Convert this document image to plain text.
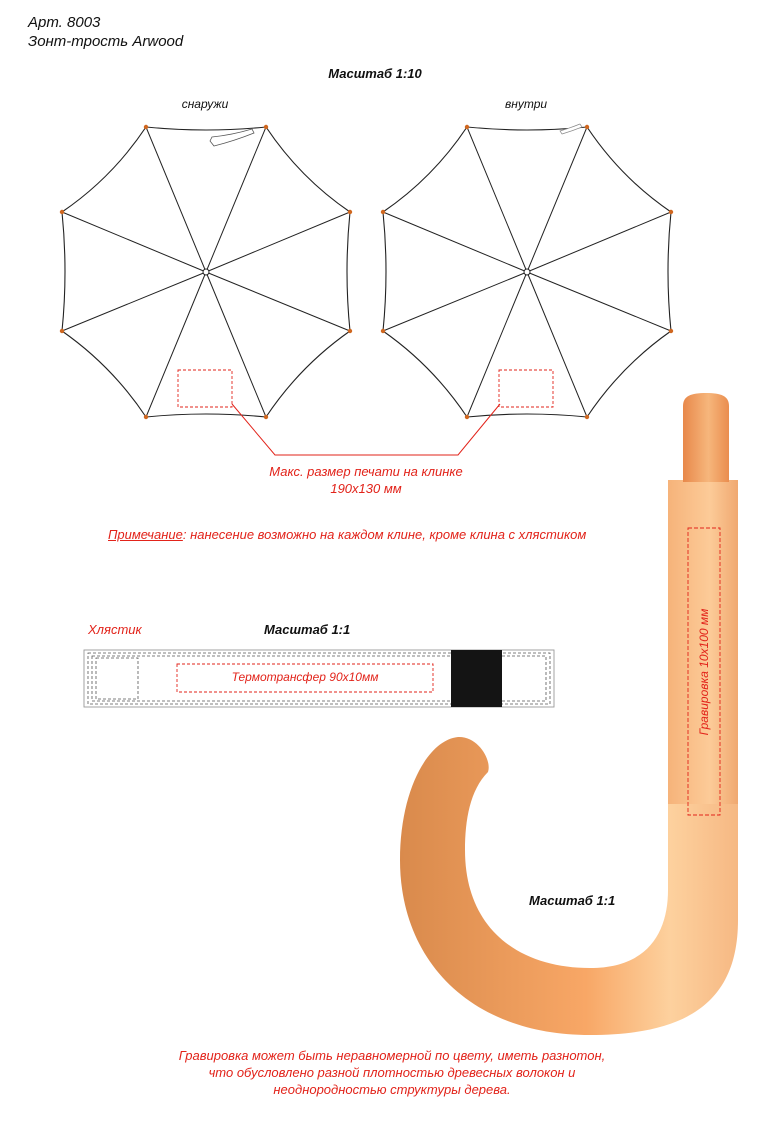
Арт. 8003
Зонт-трость Arwood
Масштаб 1:10
снаружи	внутри
Макс. размер печати на клинке
190х130 мм
Примечание: нанесение возможно на каждом клине, кроме клина с хлястиком
Хлястик	Масштаб 1:1
Термотрансфер 90х10мм	Гравировка 10х100 мм
Масштаб 1:1
Гравировка может быть неравномерной по цвету, иметь разнотон,
что обусловлено разной плотностью древесных волокон и
неоднородностью структуры дерева.
